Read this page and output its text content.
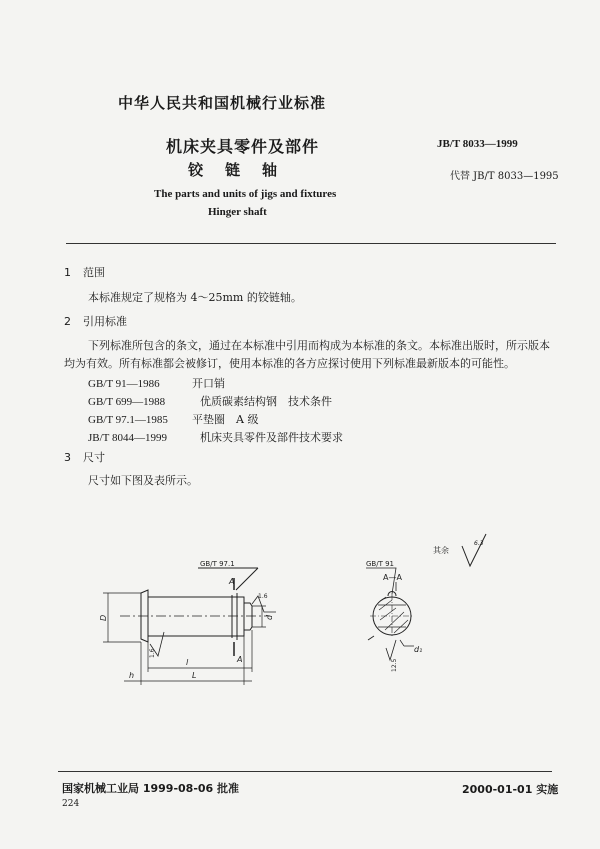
中华人民共和国机械行业标准
机床夹具零件及部件
铰链轴
JB/T 8033—1999
代替 JB/T 8033—1995
The parts and units of jigs and fixtures
Hinger shaft
1 范围
本标准规定了规格为 4～25mm 的铰链轴。
2 引用标准
下列标准所包含的条文，通过在本标准中引用而构成为本标准的条文。本标准出版时，所示版本
均为有效。所有标准都会被修订，使用本标准的各方应探讨使用下列标准最新版本的可能性。
GB/T 91—1986	开口销
GB/T 699—1988	优质碳素结构钢　技术条件
GB/T 97.1—1985 平垫圈　A 级
JB/T 8044—1999	机床夹具零件及部件技术要求
3 尺寸
尺寸如下图及表所示。
GB/T 97.1
A
A
1.6
D	d
1.6
l
L
h
GB/T 91
A—A
d₁
12.5
其余
6.3
国家机械工业局 1999-08-06 批准	2000-01-01 实施
224
